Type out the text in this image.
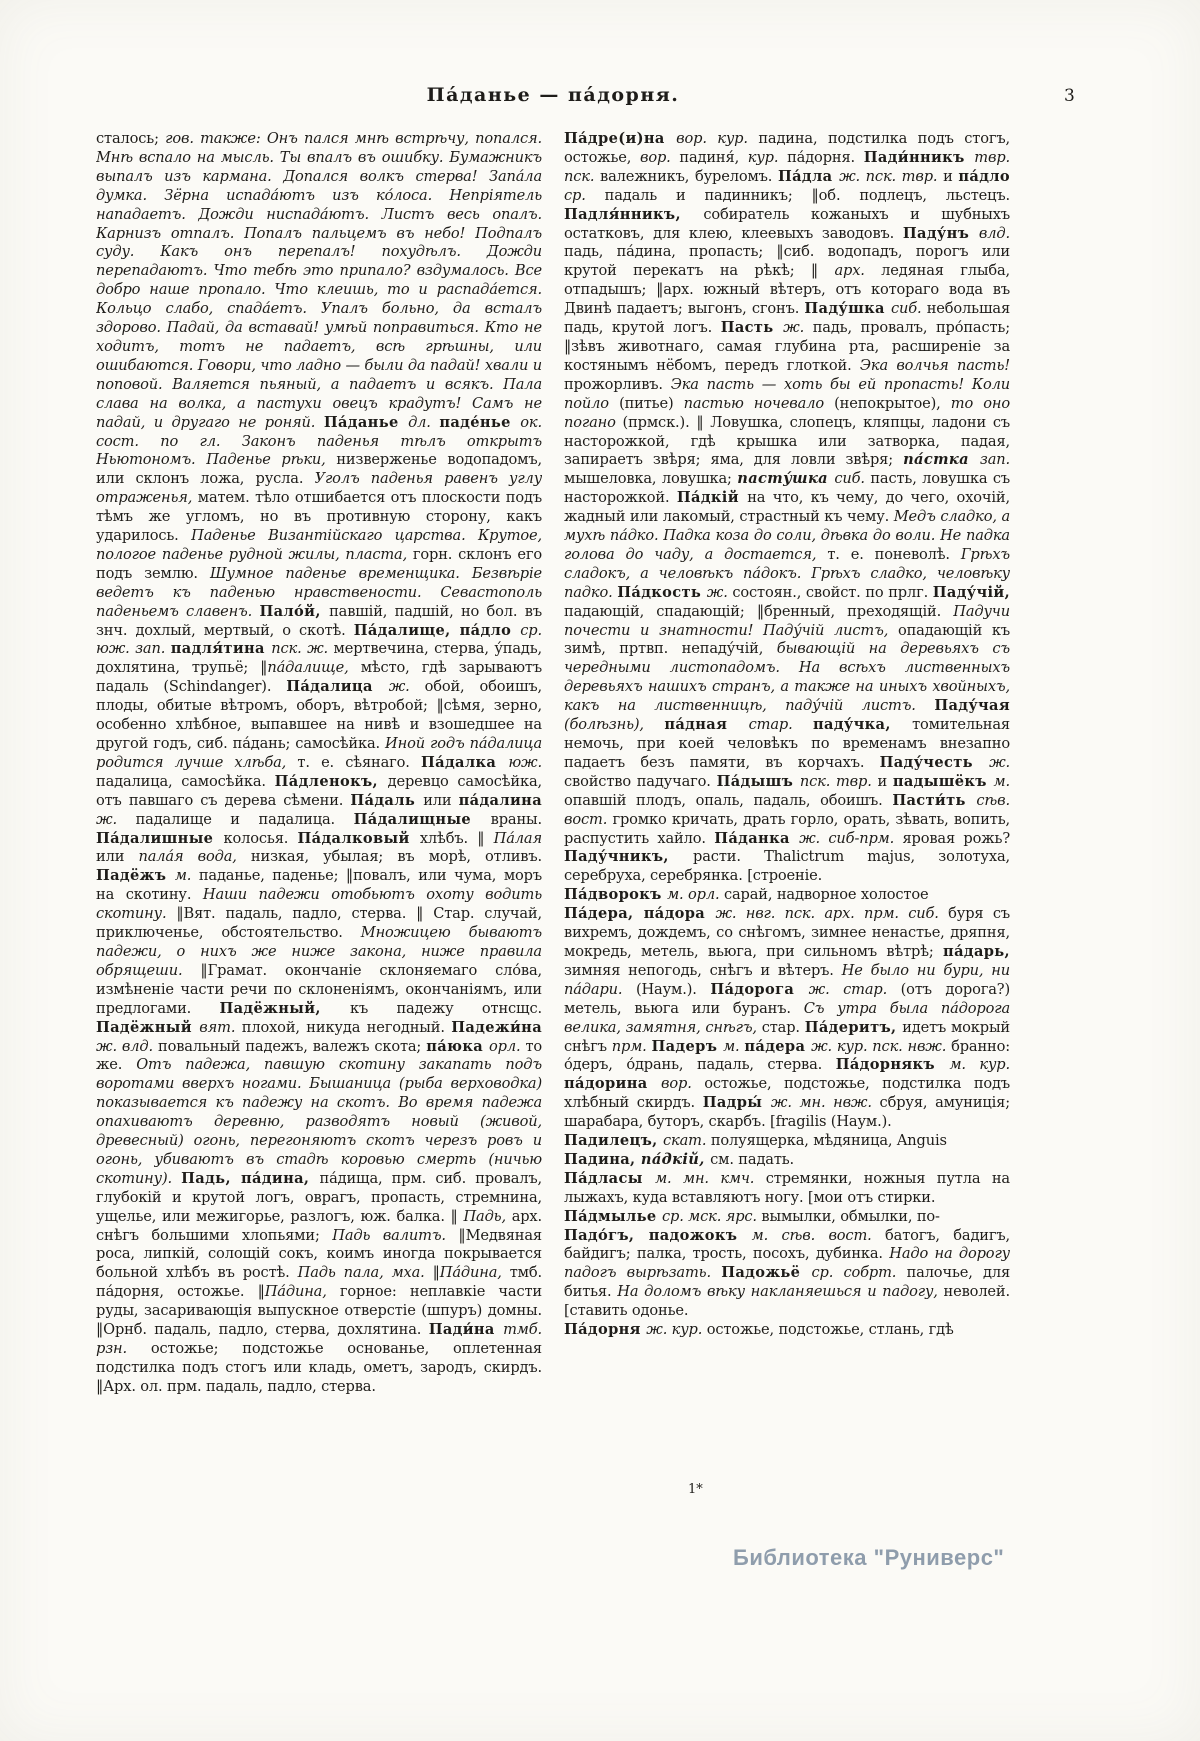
Па́данье — па́дорня.	3

сталось; гов. также: Онъ пался мнѣ встрѣчу, попался. Мнѣ вспало на мысль. Ты впалъ въ ошибку. Бумажникъ выпалъ изъ кармана. Допался волкъ стерва! Запа́ла думка. Зёрна испада́ютъ изъ ко́лоса. Непріятель нападаетъ. Дожди ниспада́ютъ. Листъ весь опалъ. Карнизъ отпалъ. Попалъ пальцемъ въ небо! Подпалъ суду. Какъ онъ перепалъ! похудѣлъ. Дожди перепадаютъ. Что тебѣ это припало? вздумалось. Все добро наше пропало. Что клеишь, то и распада́ется. Кольцо слабо, спада́етъ. Упалъ больно, да всталъ здорово. Падай, да вставай! умѣй поправиться. Кто не ходитъ, тотъ не падаетъ, всѣ грѣшны, или ошибаются. Говори, что ладно — были да падай! хвали и поповой. Валяется пьяный, а падаетъ и всякъ. Пала слава на волка, а пастухи овецъ крадутъ! Самъ не падай, и другаго не роняй. Па́данье дл. паде́нье ок. сост. по гл. Законъ паденья тѣлъ открытъ Ньютономъ. Паденье рѣки, низверженье водопадомъ, или склонъ ложа, русла. Уголъ паденья равенъ углу отраженья, матем. тѣло отшибается отъ плоскости подъ тѣмъ же угломъ, но въ противную сторону, какъ ударилось. Паденье Византійскаго царства. Крутое, пологое паденье рудной жилы, пласта, горн. склонъ его подъ землю. Шумное паденье временщика. Безвѣріе ведетъ къ паденью нравствености. Севастополь паденьемъ славенъ. Пало́й, павшій, падшій, но бол. въ знч. дохлый, мертвый, о скотѣ. Па́далище, па́дло ср. юж. зап. падля́тина пск. ж. мертвечина, стерва, у́падь, дохлятина, трупьё; ‖па́далище, мѣсто, гдѣ зарываютъ падаль (Schindanger). Па́далица ж. обой, обоишъ, плоды, обитые вѣтромъ, оборъ, вѣтробой; ‖сѣмя, зерно, особенно хлѣбное, выпавшее на нивѣ и взошедшее на другой годъ, сиб. па́дань; самосѣйка. Иной годъ па́далица родится лучше хлѣба, т. е. сѣянаго. Па́далка юж. падалица, самосѣйка. Па́дленокъ, деревцо самосѣйка, отъ павшаго съ дерева сѣмени. Па́даль или па́далина ж. падалище и падалица. Па́далищные враны. Па́далишные колосья. Па́далковый хлѣбъ. ‖ Па́лая или пала́я вода, низкая, убылая; въ морѣ, отливъ. Падёжъ м. паданье, паденье; ‖повалъ, или чума, моръ на скотину. Наши падежи отобьютъ охоту водить скотину. ‖Вят. падаль, падло, стерва. ‖ Стар. случай, приключенье, обстоятельство. Множицею бываютъ падежи, о нихъ же ниже закона, ниже правила обрящеши. ‖Грамат. окончаніе склоняемаго сло́ва, измѣненіе части речи по склоненіямъ, окончаніямъ, или предлогами. Падёжный, къ падежу отнсщс. Падёжный вят. плохой, никуда негодный. Падежи́на ж. влд. повальный падежъ, валежъ скота; па́юка орл. то же. Отъ падежа, павшую скотину закапать подъ воротами вверхъ ногами. Бышаница (рыба верховодка) показывается къ падежу на скотъ. Во время падежа опахиваютъ деревню, разводятъ новый (живой, древесный) огонь, перегоняютъ скотъ черезъ ровъ и огонь, убиваютъ въ стадѣ коровью смерть (ничью скотину). Падь, па́дина, па́дища, прм. сиб. провалъ, глубокій и крутой логъ, оврагъ, пропасть, стремнина, ущелье, или межигорье, разлогъ, юж. балка. ‖ Падь, арх. снѣгъ большими хлопьями; Падь валитъ. ‖Медвяная роса, липкій, солощій сокъ, коимъ иногда покрывается больной хлѣбъ въ ростѣ. Падь пала, мха. ‖Па́дина, тмб. па́дорня, остожье. ‖Па́дина, горное: неплавкіе части руды, засаривающія выпускное отверстіе (шпуръ) домны. ‖Орнб. падаль, падло, стерва, дохлятина. Пади́на тмб. рзн. остожье; подстожье основанье, оплетенная подстилка подъ стогъ или кладь, ометъ, зародъ, скирдъ. ‖Арх. ол. прм. падаль, падло, стерва.

Па́дре(и)на вор. кур. падина, подстилка подъ стогъ, остожье, вор. падиня́, кур. па́дорня. Пади́нникъ твр. пск. валежникъ, буреломъ. Па́дла ж. пск. твр. и па́дло ср. падаль и падинникъ; ‖об. подлецъ, льстецъ. Падля́нникъ, собиратель кожаныхъ и шубныхъ остатковъ, для клею, клеевыхъ заводовъ. Паду́нъ влд. падь, па́дина, пропасть; ‖сиб. водопадъ, порогъ или крутой перекатъ на рѣкѣ; ‖ арх. ледяная глыба, отпадышъ; ‖арх. южный вѣтеръ, отъ котораго вода въ Двинѣ падаетъ; выгонъ, сгонъ. Паду́шка сиб. небольшая падь, крутой логъ. Пасть ж. падь, провалъ, про́пасть; ‖зѣвъ животнаго, самая глубина рта, расширеніе за костянымъ нёбомъ, передъ глоткой. Эка волчья пасть! прожорливъ. Эка пасть — хоть бы ей пропасть! Коли пойло (питье) пастью ночевало (непокрытое), то оно погано (прмск.). ‖ Ловушка, слопецъ, кляпцы, ладони съ насторожкой, гдѣ крышка или затворка, падая, запираетъ звѣря; яма, для ловли звѣря; па́стка зап. мышеловка, ловушка; пасту́шка сиб. пасть, ловушка съ насторожкой. Па́дкій на что, къ чему, до чего, охочій, жадный или лакомый, страстный къ чему. Медъ сладко, а мухѣ па́дко. Падка коза до соли, дѣвка до воли. Не падка голова до чаду, а достается, т. е. поневолѣ. Грѣхъ сладокъ, а человѣкъ па́докъ. Грѣхъ сладко, человѣку падко. Па́дкость ж. состоян., свойст. по прлг. Паду́чій, падающій, спадающій; ‖бренный, преходящій. Падучи почести и знатности! Паду́чій листъ, опадающій къ зимѣ, пртвп. непаду́чій, бывающій на деревьяхъ съ чередными листопадомъ. На всѣхъ лиственныхъ деревьяхъ нашихъ странъ, а также на иныхъ хвойныхъ, какъ на лиственницѣ, паду́чій листъ. Паду́чая (болѣзнь), па́дная стар. паду́чка, томительная немочь, при коей человѣкъ по временамъ внезапно падаетъ безъ памяти, въ корчахъ. Паду́честь ж. свойство падучаго. Па́дышъ пск. твр. и падышёкъ м. опавшій плодъ, опаль, падаль, обоишъ. Пасти́ть сѣв. вост. громко кричать, драть горло, орать, зѣвать, вопить, распустить хайло. Па́данка ж. сиб-прм. яровая рожь? Паду́чникъ, расти. Thalictrum majus, золотуха, серебруха, серебрянка. [строеніе.

Па́дворокъ м. орл. сарай, надворное холостое

Па́дера, па́дора ж. нвг. пск. арх. прм. сиб. буря съ вихремъ, дождемъ, со снѣгомъ, зимнее ненастье, дряпня, мокредь, метель, вьюга, при сильномъ вѣтрѣ; па́дарь, зимняя непогодь, снѣгъ и вѣтеръ. Не было ни бури, ни па́дари. (Наум.). Па́дорога ж. стар. (отъ дорога?) метель, вьюга или буранъ. Съ утра была па́дорога велика, замятня, снѣгъ, стар. Па́деритъ, идетъ мокрый снѣгъ прм. Падеръ м. па́дера ж. кур. пск. нвж. бранно: о́деръ, о́дрань, падаль, стерва. Па́дорнякъ м. кур. па́дорина вор. остожье, подстожье, подстилка подъ хлѣбный скирдъ. Падры́ ж. мн. нвж. сбруя, амуниція; шарабара, буторъ, скарбъ. [fragilis (Наум.).

Падилецъ, скат. полуящерка, мѣдяница, Anguis

Падина, па́дкій, см. падать.

Па́дласы м. мн. кмч. стремянки, ножныя путла на лыжахъ, куда вставляютъ ногу. [мои отъ стирки.

Па́дмылье ср. мск. ярс. вымылки, обмылки, по-

Падо́гъ, падожокъ м. сѣв. вост. батогъ, бадигъ, байдигъ; палка, трость, посохъ, дубинка. Надо на дорогу падогъ вырѣзать. Падожьё ср. собрт. палочье, для битья. На доломъ вѣку накланяешься и падогу, неволей. [ставить одонье.

Па́дорня ж. кур. остожье, подстожье, стлань, гдѣ

1*
Библиотека "Руниверс"
